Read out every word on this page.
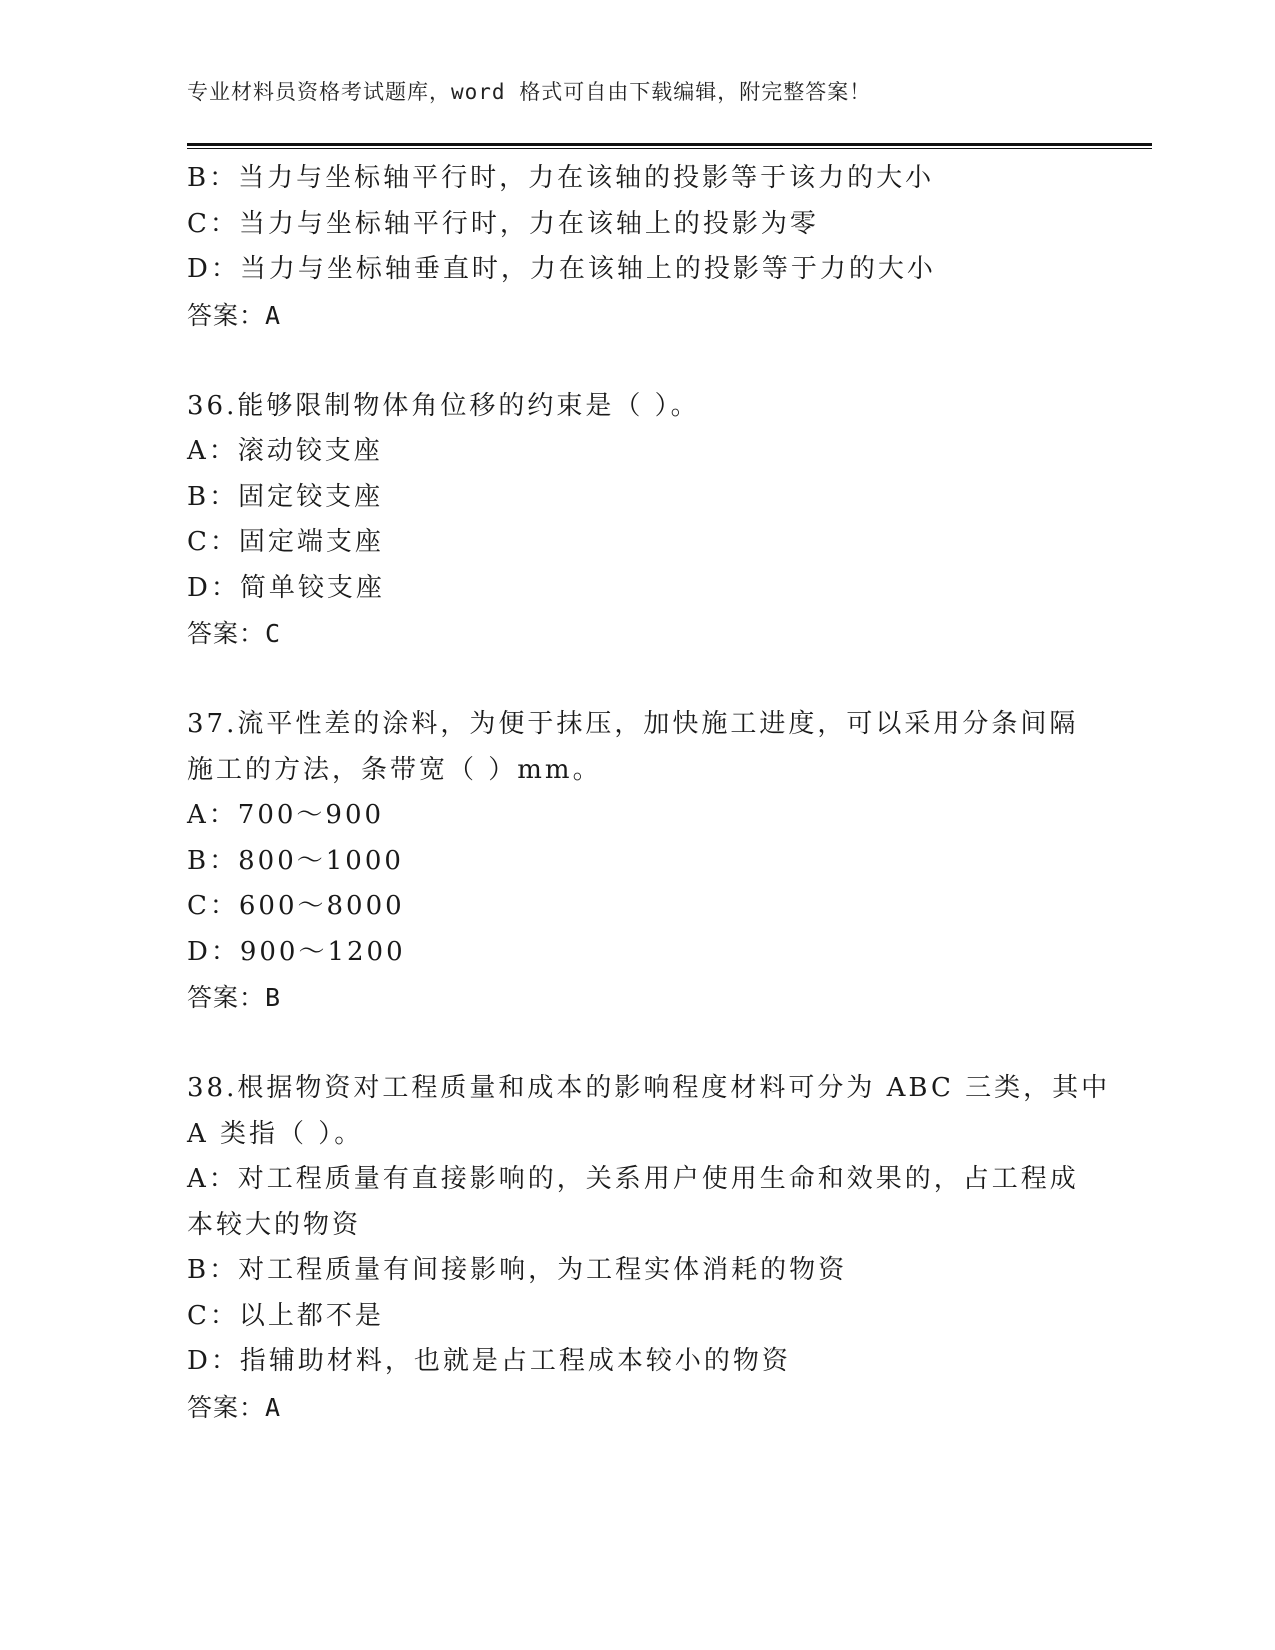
专业材料员资格考试题库，word 格式可自由下载编辑，附完整答案！
B：当力与坐标轴平行时，力在该轴的投影等于该力的大小
C：当力与坐标轴平行时，力在该轴上的投影为零
D：当力与坐标轴垂直时，力在该轴上的投影等于力的大小
答案：A
36.能够限制物体角位移的约束是（ ）。
A：滚动铰支座
B：固定铰支座
C：固定端支座
D：简单铰支座
答案：C
37.流平性差的涂料，为便于抹压，加快施工进度，可以采用分条间隔
施工的方法，条带宽（ ）mm。
A：700～900
B：800～1000
C：600～8000
D：900～1200
答案：B
38.根据物资对工程质量和成本的影响程度材料可分为 ABC 三类，其中
A 类指（ ）。
A：对工程质量有直接影响的，关系用户使用生命和效果的，占工程成
本较大的物资
B：对工程质量有间接影响，为工程实体消耗的物资
C：以上都不是
D：指辅助材料，也就是占工程成本较小的物资
答案：A
